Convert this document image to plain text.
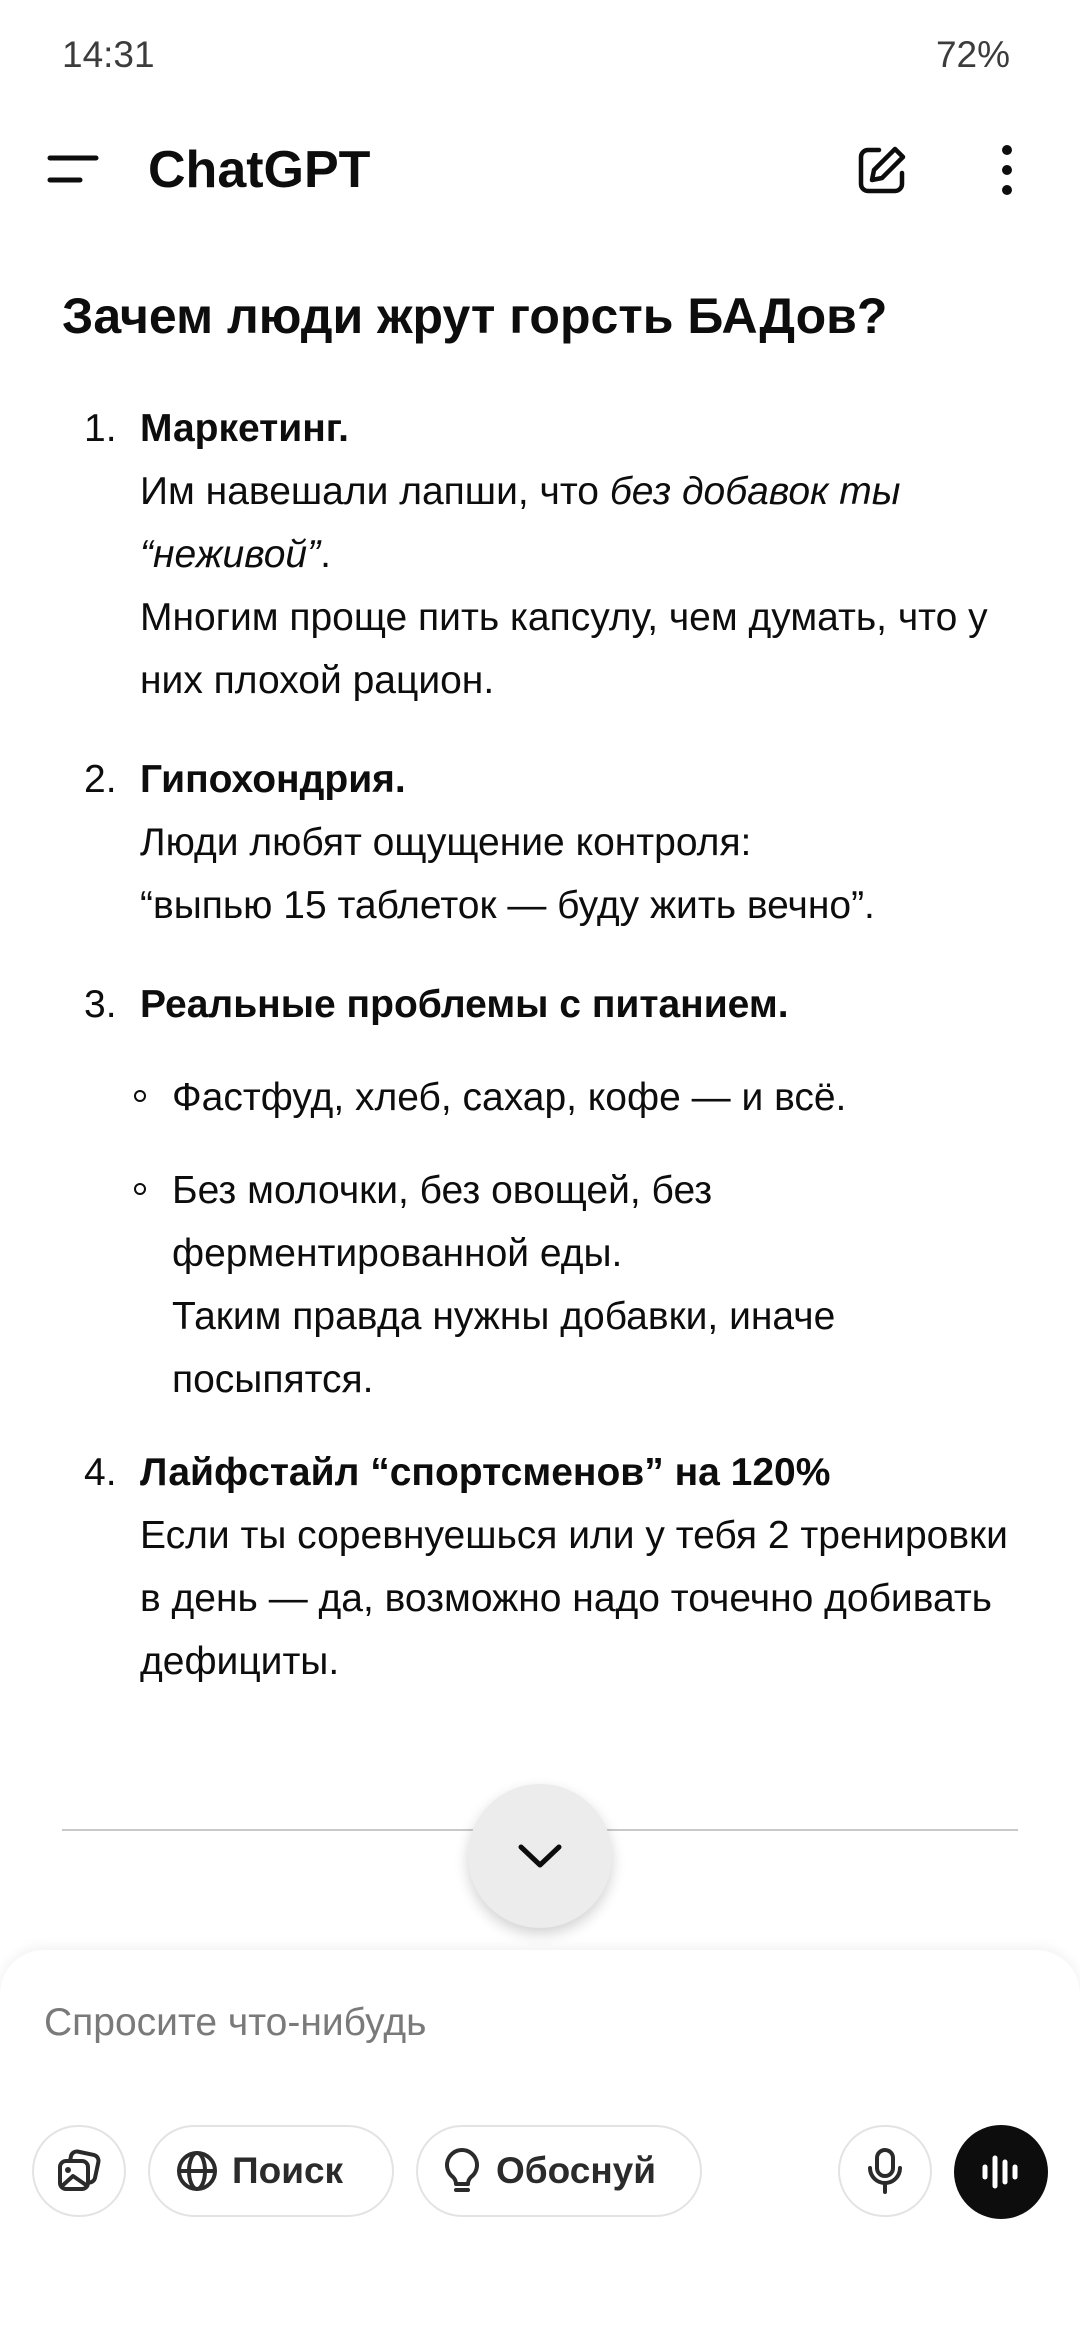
14:31	72%
ChatGPT
Зачем люди жрут горсть БАДов?
1. Маркетинг.
Им навешали лапши, что без добавок ты “неживой”.
Многим проще пить капсулу, чем думать, что у них плохой рацион.
2. Гипохондрия.
Люди любят ощущение контроля:
“выпью 15 таблеток — буду жить вечно”.
3. Реальные проблемы с питанием.
Фастфуд, хлеб, сахар, кофе — и всё.
Без молочки, без овощей, без ферментированной еды.
Таким правда нужны добавки, иначе посыпятся.
4. Лайфстайл “спортсменов” на 120%
Если ты соревнуешься или у тебя 2 тренировки в день — да, возможно надо точечно добивать дефициты.
Спросите что-нибудь
Поиск	Обоснуй
